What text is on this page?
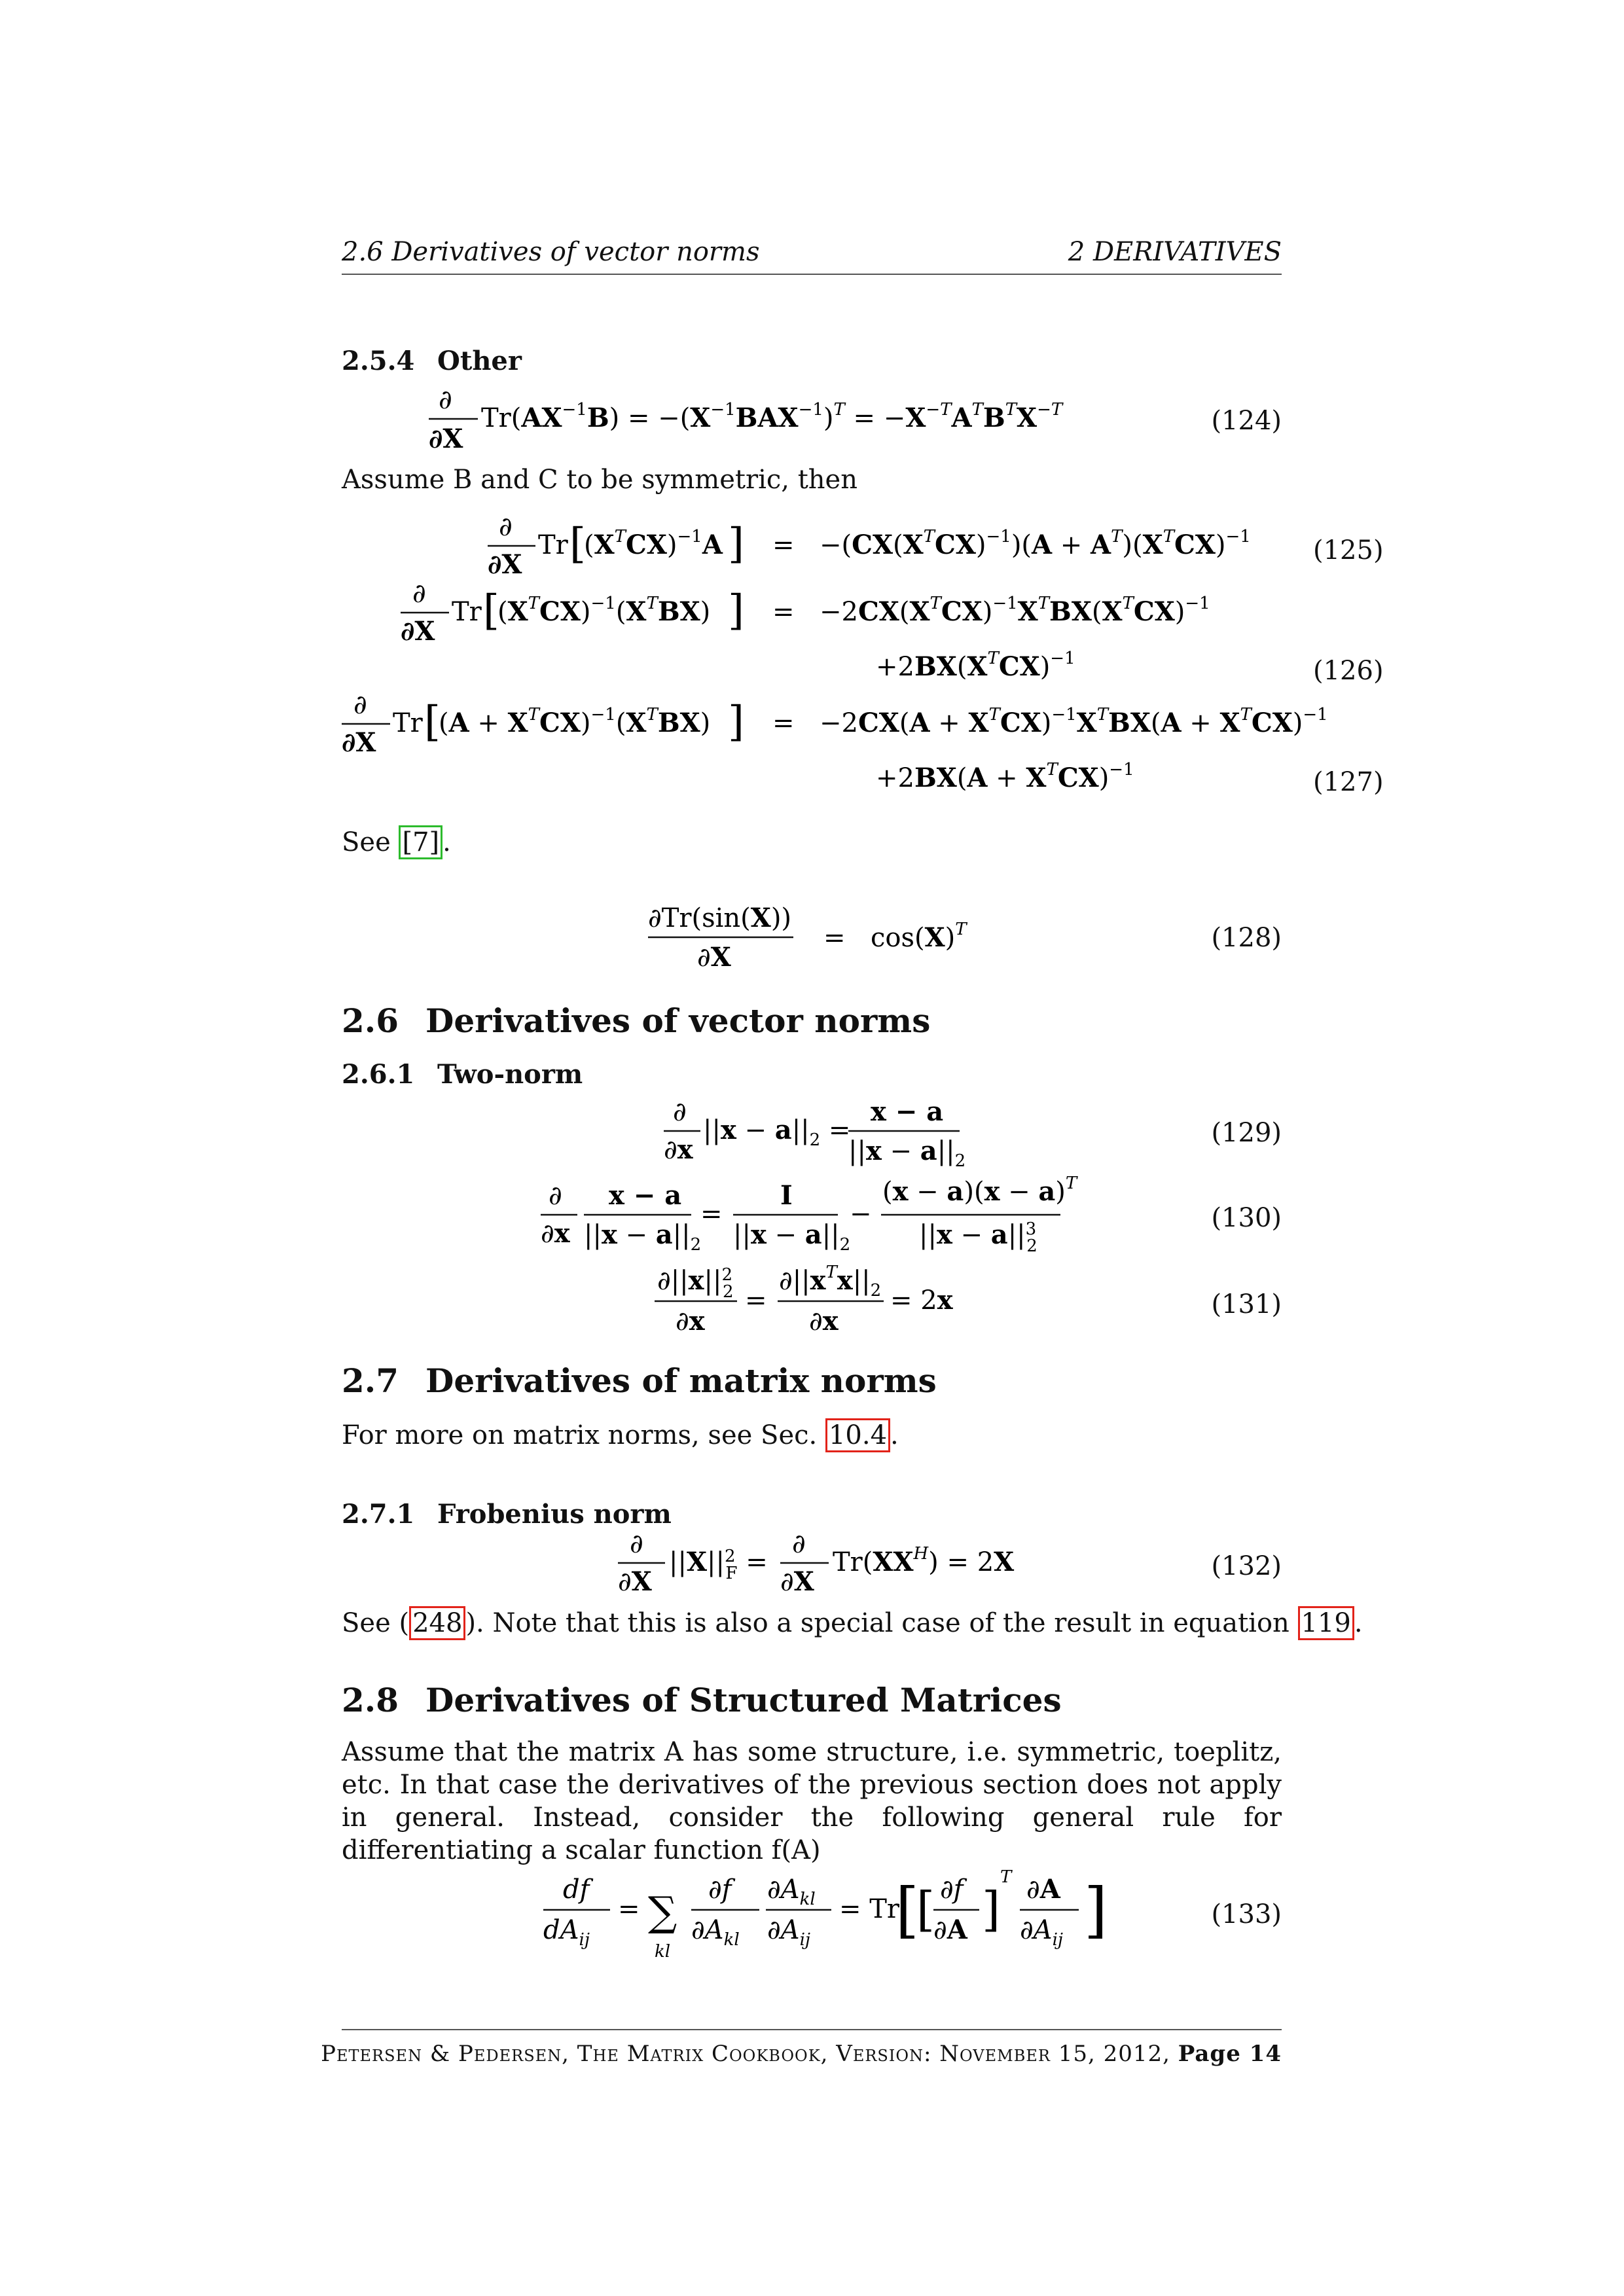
2.6 Derivatives of vector norms	2 DERIVATIVES
2.5.4 Other
∂
∂X
$Tr(AX^{-1}B) = -(X^{-1}BAX^{-1})^T = -X^{-T}A^TB^TX^{-T}$	(124)
Assume B and C to be symmetric, then
∂
∂X
Tr [
$(X^TCX)^{-1}A$ ] = $-(CX(X^TCX)^{-1})(A + A^T)(X^TCX)^{-1}$
∂
∂X
Tr [
$(X^TCX)^{-1}(X^TBX)$ ] = $-2CX(X^TCX)^{-1}X^TBX(X^TCX)^{-1}$
$+2BX(X^TCX)^{-1}$
∂
∂X
Tr [
$(A + X^TCX)^{-1}(X^TBX)$ ] = $-2CX(A + X^TCX)^{-1}X^TBX(A + X^TCX)^{-1}$
$+2BX(A + X^TCX)^{-1}$
(125)
(126)
(127)
See [7] .
∂Tr(sin(X))
∂X
= $\cos(X)^T$	(128)
2.6 Derivatives of vector norms
2.6.1 Two-norm
∂
∂x
$||x - a||_2$ =
x − a
$||x - a||_2$
(129)
∂
∂x
x − a
$||x - a||_2$
=
I
$||x - a||_2$
−
$(x - a)(x - a)^T$
$||x - a||^3$ 2
(130)
$\partial||x||^2$ 2
∂x
=
$\partial||x^Tx||_2$
∂x
= 2x	(131)
2.7 Derivatives of matrix norms
For more on matrix norms, see Sec. 10.4 .
2.7.1 Frobenius norm
∂
∂X
$||X||^2$ F =
∂
∂X
$Tr(XX^H) = 2X$	(132)
See ( 248 ). Note that this is also a special case of the result in equation 119 .
2.8 Derivatives of Structured Matrices
Assume that the matrix A has some structure, i.e. symmetric, toeplitz, etc. In that case the derivatives of the previous section does not apply in general. Instead, consider the following general rule for differentiating a scalar function f(A)
df
$dA_{ij}$
= ∑
kl
∂f
$\partial A_{kl}$
$\partial A_{kl}$
$\partial A_{ij}$
= Tr
[
[ ∂f
∂A ]
T ∂A
$\partial A_{ij}$ ]	(133)
Petersen & Pedersen, The Matrix Cookbook, Version: November 15, 2012, Page 14
